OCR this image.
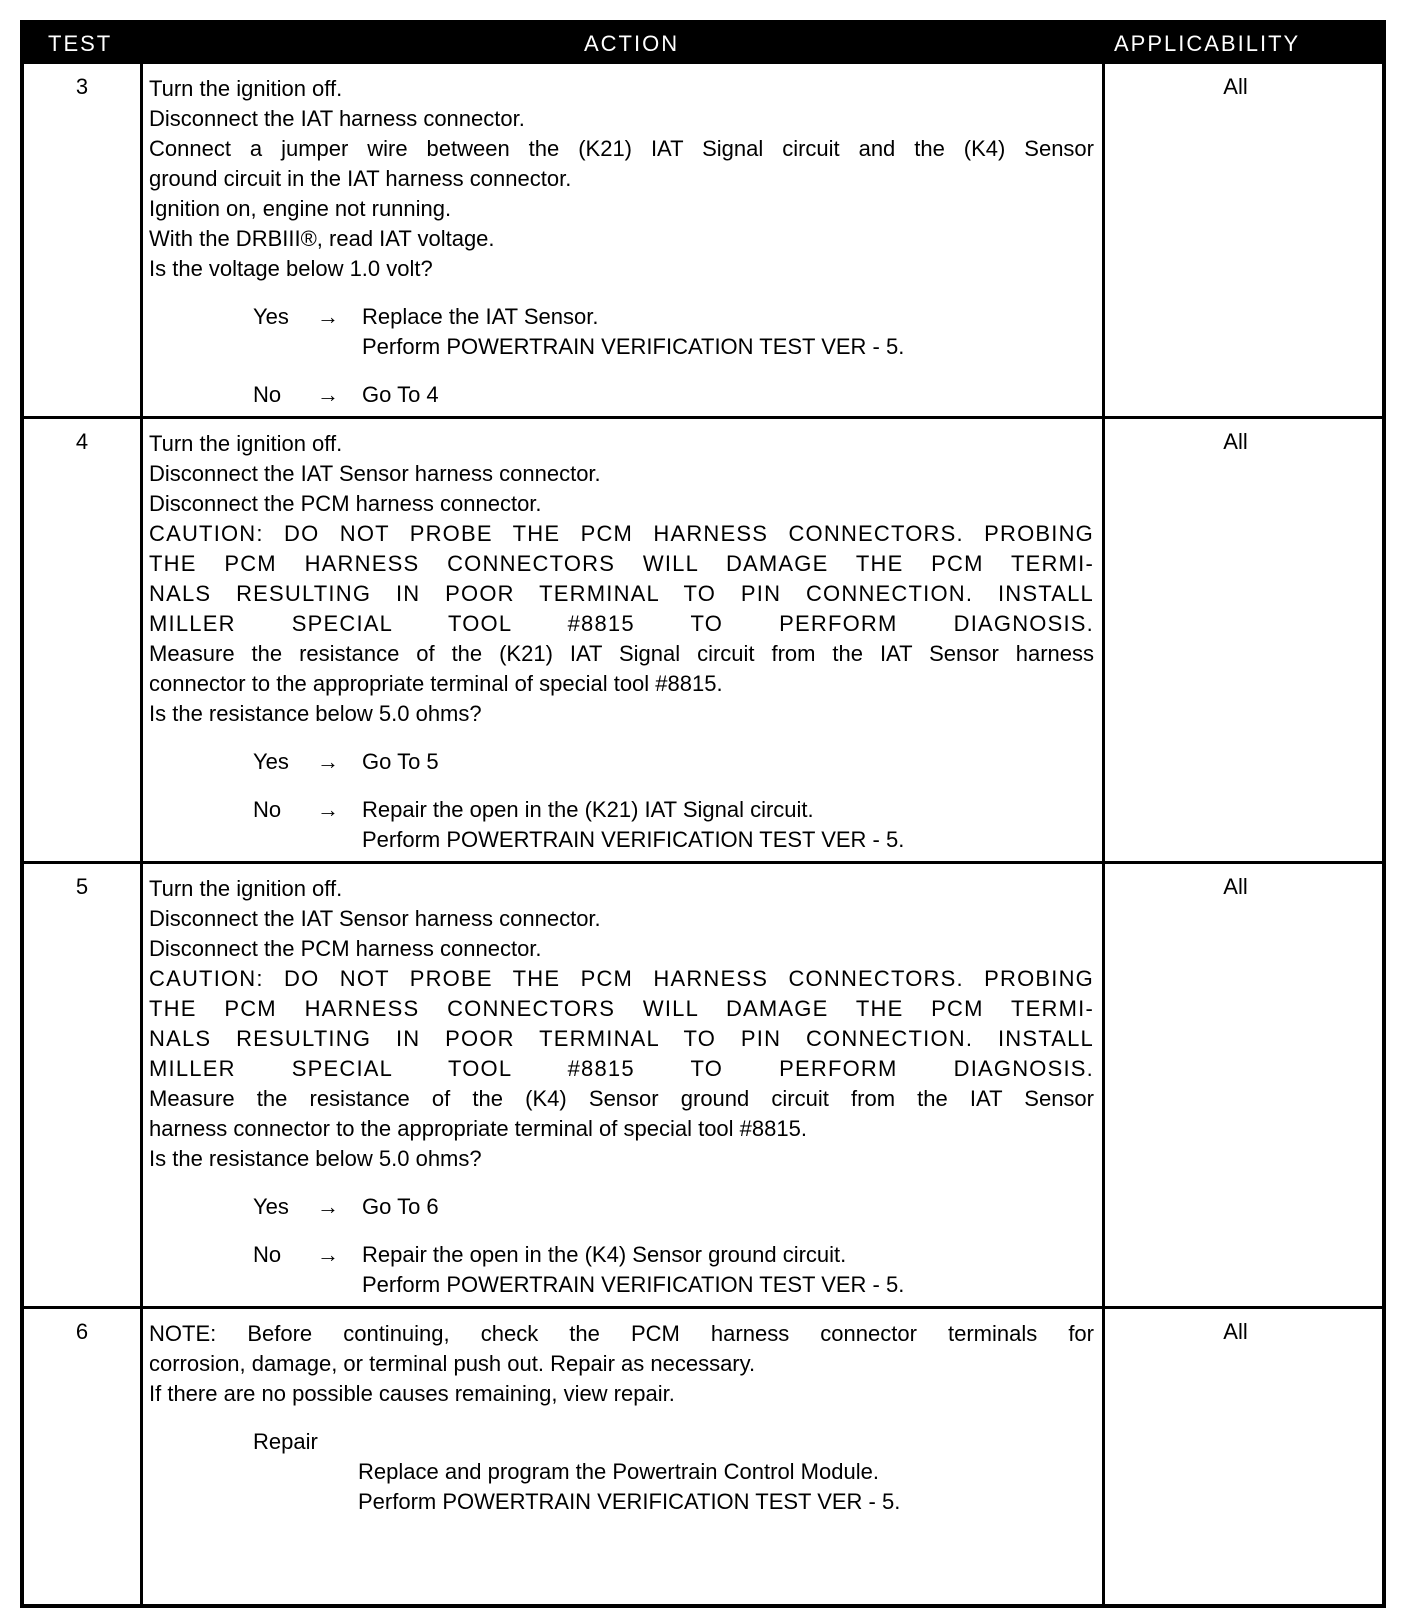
TEST	ACTION	APPLICABILITY
3	Turn the ignition off.
Disconnect the IAT harness connector.
Connect a jumper wire between the (K21) IAT Signal circuit and the (K4) Sensor
ground circuit in the IAT harness connector.
Ignition on, engine not running.
With the DRBIII®, read IAT voltage.
Is the voltage below 1.0 volt?
Yes → Replace the IAT Sensor.
Perform POWERTRAIN VERIFICATION TEST VER - 5.
No → Go To 4
All
4	Turn the ignition off.
Disconnect the IAT Sensor harness connector.
Disconnect the PCM harness connector.
CAUTION: DO NOT PROBE THE PCM HARNESS CONNECTORS. PROBING
THE PCM HARNESS CONNECTORS WILL DAMAGE THE PCM TERMI-
NALS RESULTING IN POOR TERMINAL TO PIN CONNECTION. INSTALL
MILLER SPECIAL TOOL #8815 TO PERFORM DIAGNOSIS.
Measure the resistance of the (K21) IAT Signal circuit from the IAT Sensor harness
connector to the appropriate terminal of special tool #8815.
Is the resistance below 5.0 ohms?
Yes → Go To 5
No → Repair the open in the (K21) IAT Signal circuit.
Perform POWERTRAIN VERIFICATION TEST VER - 5.
All
5	Turn the ignition off.
Disconnect the IAT Sensor harness connector.
Disconnect the PCM harness connector.
CAUTION: DO NOT PROBE THE PCM HARNESS CONNECTORS. PROBING
THE PCM HARNESS CONNECTORS WILL DAMAGE THE PCM TERMI-
NALS RESULTING IN POOR TERMINAL TO PIN CONNECTION. INSTALL
MILLER SPECIAL TOOL #8815 TO PERFORM DIAGNOSIS.
Measure the resistance of the (K4) Sensor ground circuit from the IAT Sensor
harness connector to the appropriate terminal of special tool #8815.
Is the resistance below 5.0 ohms?
Yes → Go To 6
No → Repair the open in the (K4) Sensor ground circuit.
Perform POWERTRAIN VERIFICATION TEST VER - 5.
All
6	NOTE: Before continuing, check the PCM harness connector terminals for
corrosion, damage, or terminal push out. Repair as necessary.
If there are no possible causes remaining, view repair.
Repair
Replace and program the Powertrain Control Module.
Perform POWERTRAIN VERIFICATION TEST VER - 5.
All
